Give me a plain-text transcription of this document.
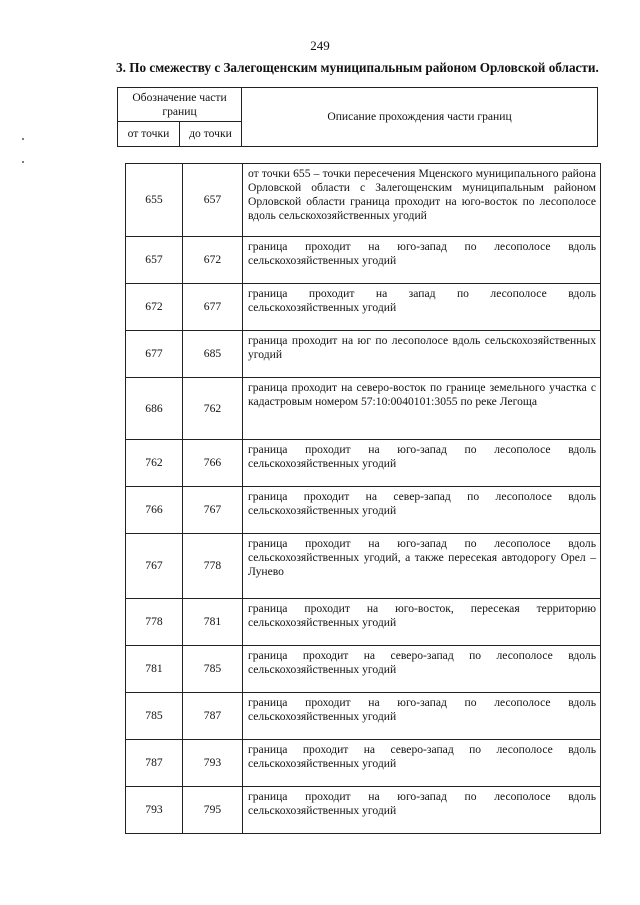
249
3. По смежеству с Залегощенским муниципальным районом Орловской области.
Обозначение части границ		Описание прохождения части границ
от точки	до точки	
655	657	от точки 655 – точки пересечения Мценского муниципального района Орловской области с Залегощенским муниципальным районом Орловской области граница проходит на юго-восток по лесополосе вдоль сельскохозяйственных угодий
657	672	граница проходит на юго-запад по лесополосе вдоль сельскохозяйственных угодий
672	677	граница проходит на запад по лесополосе вдоль сельскохозяйственных угодий
677	685	граница проходит на юг по лесополосе вдоль сельскохозяйственных угодий
686	762	граница проходит на северо-восток по границе земельного участка с кадастровым номером 57:10:0040101:3055 по реке Легоща
762	766	граница проходит на юго-запад по лесополосе вдоль сельскохозяйственных угодий
766	767	граница проходит на север-запад по лесополосе вдоль сельскохозяйственных угодий
767	778	граница проходит на юго-запад по лесополосе вдоль сельскохозяйственных угодий, а также пересекая автодорогу Орел – Лунево
778	781	граница проходит на юго-восток, пересекая территорию сельскохозяйственных угодий
781	785	граница проходит на северо-запад по лесополосе вдоль сельскохозяйственных угодий
785	787	граница проходит на юго-запад по лесополосе вдоль сельскохозяйственных угодий
787	793	граница проходит на северо-запад по лесополосе вдоль сельскохозяйственных угодий
793	795	граница проходит на юго-запад по лесополосе вдоль сельскохозяйственных угодий
